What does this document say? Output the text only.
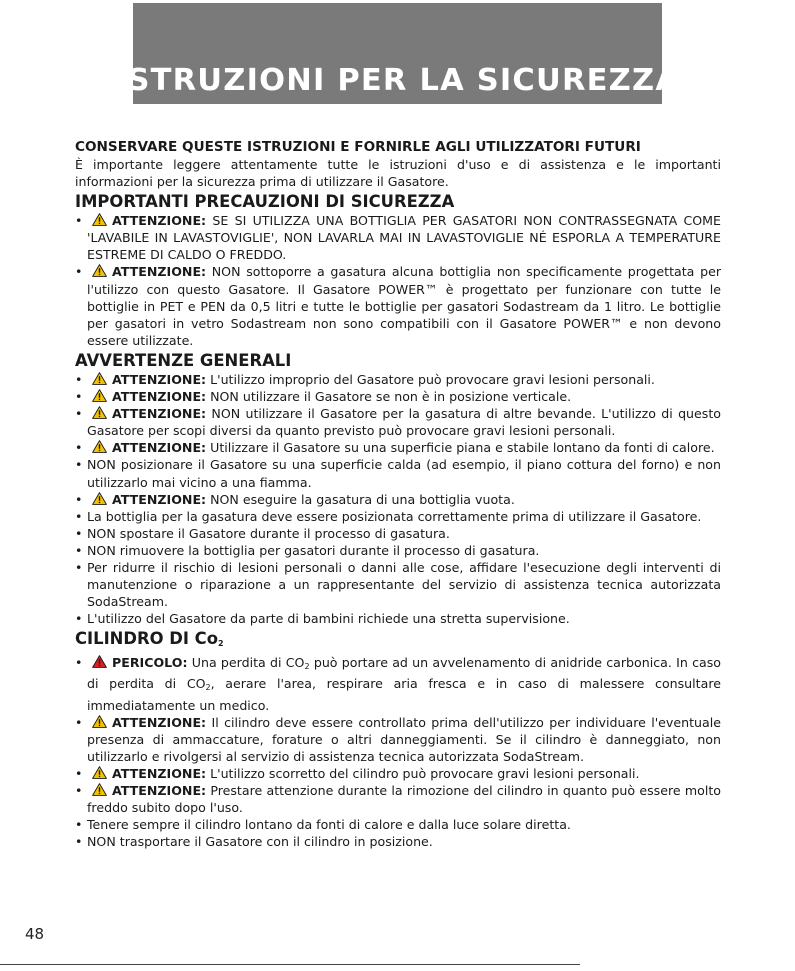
ISTRUZIONI PER LA SICUREZZA

CONSERVARE QUESTE ISTRUZIONI E FORNIRLE AGLI UTILIZZATORI FUTURI

È importante leggere attentamente tutte le istruzioni d'uso e di assistenza e le importanti informazioni per la sicurezza prima di utilizzare il Gasatore.

IMPORTANTI PRECAUZIONI DI SICUREZZA
• ATTENZIONE: SE SI UTILIZZA UNA BOTTIGLIA PER GASATORI NON CONTRASSEGNATA COME 'LAVABILE IN LAVASTOVIGLIE', NON LAVARLA MAI IN LAVASTOVIGLIE NÉ ESPORLA A TEMPERATURE ESTREME DI CALDO O FREDDO.
• ATTENZIONE: NON sottoporre a gasatura alcuna bottiglia non specificamente progettata per l'utilizzo con questo Gasatore. Il Gasatore POWER™ è progettato per funzionare con tutte le bottiglie in PET e PEN da 0,5 litri e tutte le bottiglie per gasatori Sodastream da 1 litro. Le bottiglie per gasatori in vetro Sodastream non sono compatibili con il Gasatore POWER™ e non devono essere utilizzate.
AVVERTENZE GENERALI
• ATTENZIONE: L'utilizzo improprio del Gasatore può provocare gravi lesioni personali.
• ATTENZIONE: NON utilizzare il Gasatore se non è in posizione verticale.
• ATTENZIONE: NON utilizzare il Gasatore per la gasatura di altre bevande. L'utilizzo di questo Gasatore per scopi diversi da quanto previsto può provocare gravi lesioni personali.
• ATTENZIONE: Utilizzare il Gasatore su una superficie piana e stabile lontano da fonti di calore.
• NON posizionare il Gasatore su una superficie calda (ad esempio, il piano cottura del forno) e non utilizzarlo mai vicino a una fiamma.
• ATTENZIONE: NON eseguire la gasatura di una bottiglia vuota.
• La bottiglia per la gasatura deve essere posizionata correttamente prima di utilizzare il Gasatore.
• NON spostare il Gasatore durante il processo di gasatura.
• NON rimuovere la bottiglia per gasatori durante il processo di gasatura.
• Per ridurre il rischio di lesioni personali o danni alle cose, affidare l'esecuzione degli interventi di manutenzione o riparazione a un rappresentante del servizio di assistenza tecnica autorizzata SodaStream.
• L'utilizzo del Gasatore da parte di bambini richiede una stretta supervisione.
CILINDRO DI $Co_2$
• PERICOLO: Una perdita di $CO_2$ può portare ad un avvelenamento di anidride carbonica. In caso di perdita di $CO_2$, aerare l'area, respirare aria fresca e in caso di malessere consultare immediatamente un medico.
• ATTENZIONE: Il cilindro deve essere controllato prima dell'utilizzo per individuare l'eventuale presenza di ammaccature, forature o altri danneggiamenti. Se il cilindro è danneggiato, non utilizzarlo e rivolgersi al servizio di assistenza tecnica autorizzata SodaStream.
• ATTENZIONE: L'utilizzo scorretto del cilindro può provocare gravi lesioni personali.
• ATTENZIONE: Prestare attenzione durante la rimozione del cilindro in quanto può essere molto freddo subito dopo l'uso.
• Tenere sempre il cilindro lontano da fonti di calore e dalla luce solare diretta.
• NON trasportare il Gasatore con il cilindro in posizione.
48
